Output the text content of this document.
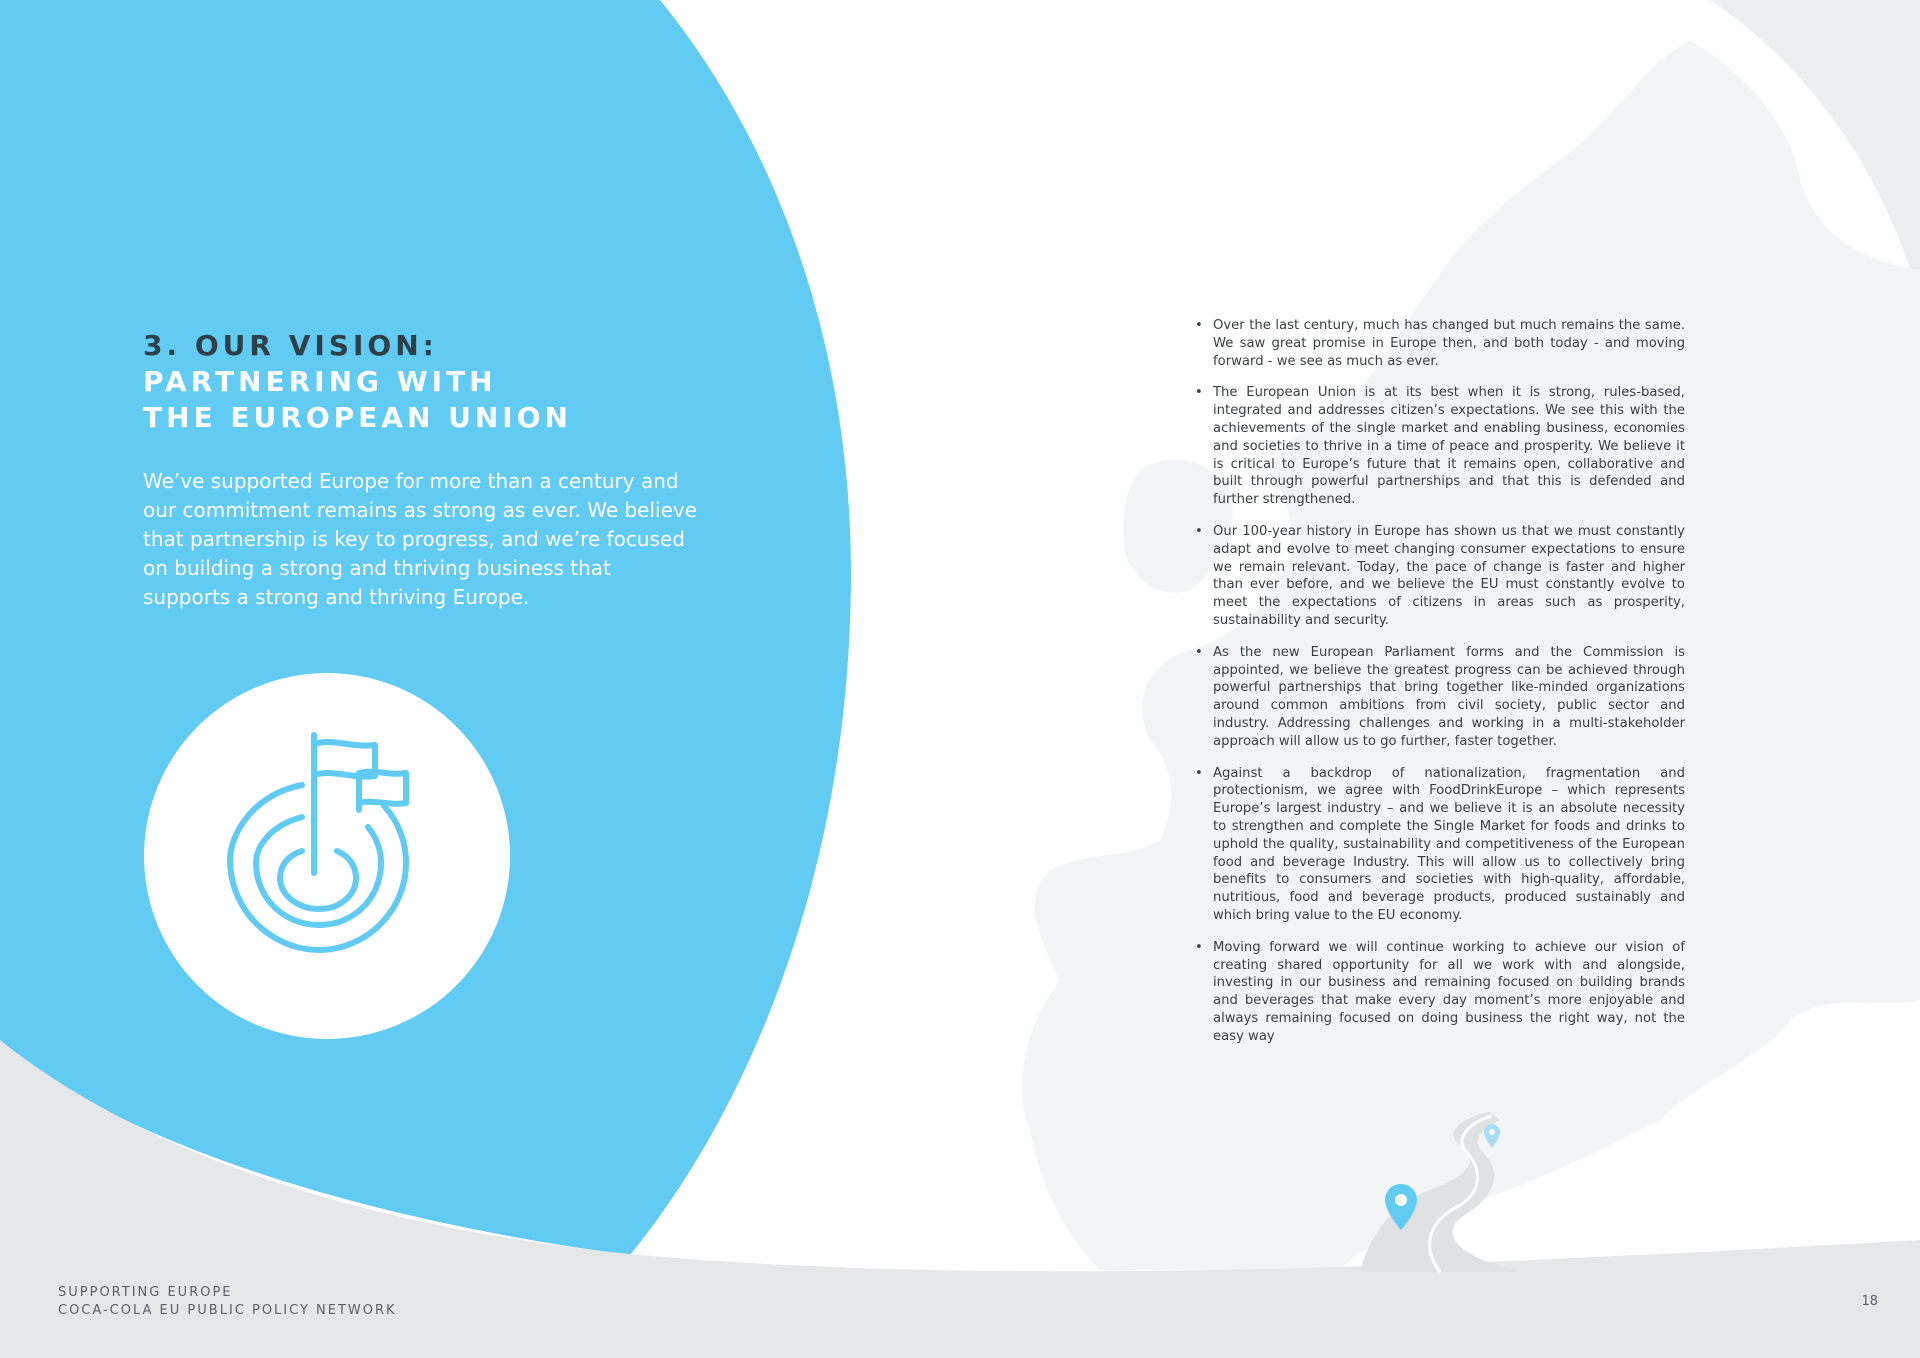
3. OUR VISION:
PARTNERING WITH
THE EUROPEAN UNION

We’ve supported Europe for more than a century and our commitment remains as strong as ever. We believe that partnership is key to progress, and we’re focused on building a strong and thriving business that supports a strong and thriving Europe.

• Over the last century, much has changed but much remains the same. We saw great promise in Europe then, and both today - and moving forward - we see as much as ever.
• The European Union is at its best when it is strong, rules-based, integrated and addresses citizen’s expectations. We see this with the achievements of the single market and enabling business, economies and societies to thrive in a time of peace and prosperity. We believe it is critical to Europe’s future that it remains open, collaborative and built through powerful partnerships and that this is defended and further strengthened.
• Our 100-year history in Europe has shown us that we must constantly adapt and evolve to meet changing consumer expectations to ensure we remain relevant. Today, the pace of change is faster and higher than ever before, and we believe the EU must constantly evolve to meet the expectations of citizens in areas such as prosperity, sustainability and security.
• As the new European Parliament forms and the Commission is appointed, we believe the greatest progress can be achieved through powerful partnerships that bring together like-minded organizations around common ambitions from civil society, public sector and industry. Addressing challenges and working in a multi-stakeholder approach will allow us to go further, faster together.
• Against a backdrop of nationalization, fragmentation and protectionism, we agree with FoodDrinkEurope – which represents Europe’s largest industry – and we believe it is an absolute necessity to strengthen and complete the Single Market for foods and drinks to uphold the quality, sustainability and competitiveness of the European food and beverage Industry. This will allow us to collectively bring benefits to consumers and societies with high-quality, affordable, nutritious, food and beverage products, produced sustainably and which bring value to the EU economy.
• Moving forward we will continue working to achieve our vision of creating shared opportunity for all we work with and alongside, investing in our business and remaining focused on building brands and beverages that make every day moment’s more enjoyable and always remaining focused on doing business the right way, not the easy way
SUPPORTING EUROPE
COCA-COLA EU PUBLIC POLICY NETWORK
18
